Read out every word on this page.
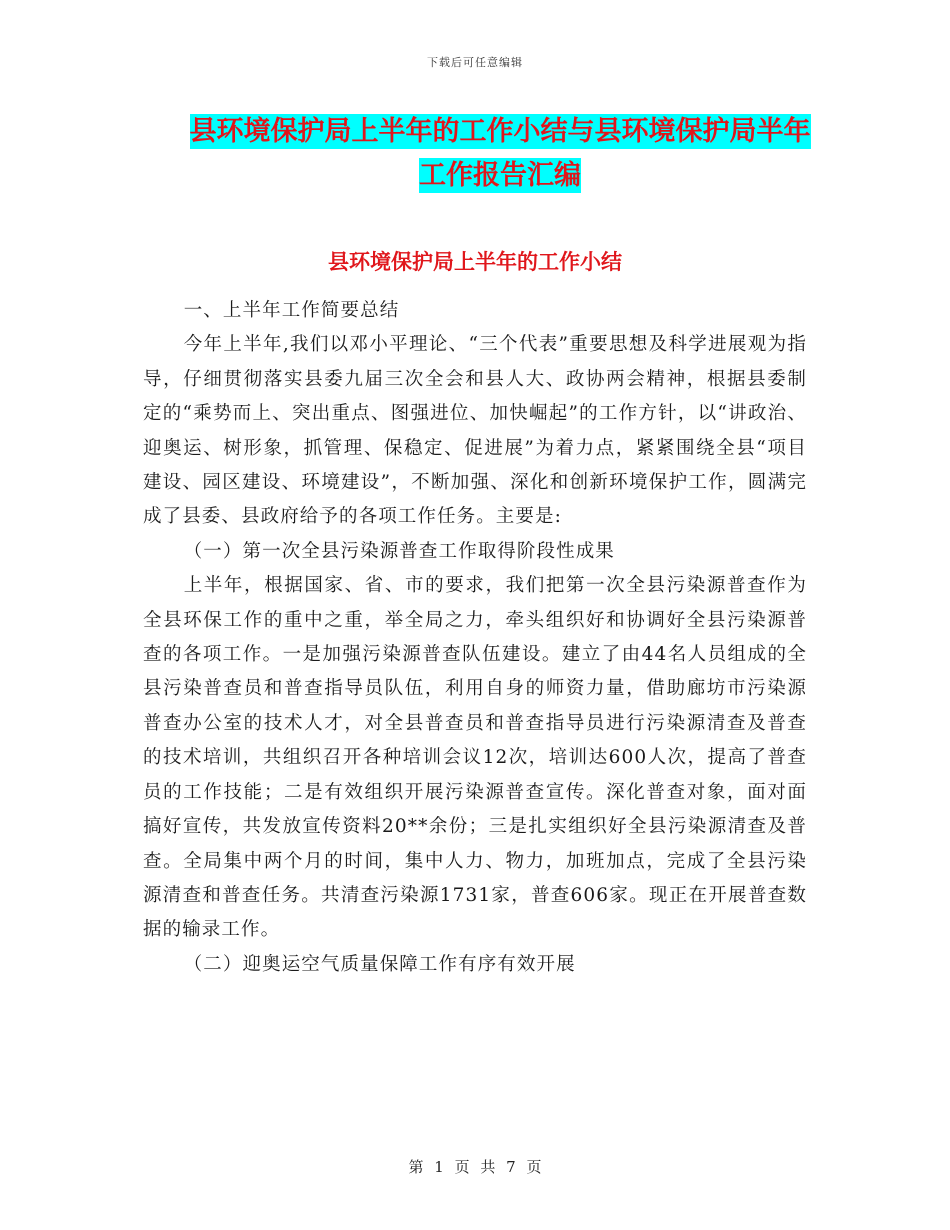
下载后可任意编辑
县环境保护局上半年的工作小结与县环境保护局半年
工作报告汇编
县环境保护局上半年的工作小结

一、上半年工作简要总结

今年上半年,我们以邓小平理论、“三个代表”重要思想及科学进展观为指导，仔细贯彻落实县委九届三次全会和县人大、政协两会精神，根据县委制定的“乘势而上、突出重点、图强进位、加快崛起”的工作方针，以“讲政治、迎奥运、树形象，抓管理、保稳定、促进展”为着力点，紧紧围绕全县“项目建设、园区建设、环境建设”，不断加强、深化和创新环境保护工作，圆满完成了县委、县政府给予的各项工作任务。主要是:

（一）第一次全县污染源普查工作取得阶段性成果

上半年，根据国家、省、市的要求，我们把第一次全县污染源普查作为全县环保工作的重中之重，举全局之力，牵头组织好和协调好全县污染源普查的各项工作。一是加强污染源普查队伍建设。建立了由44名人员组成的全县污染普查员和普查指导员队伍，利用自身的师资力量，借助廊坊市污染源普查办公室的技术人才，对全县普查员和普查指导员进行污染源清查及普查的技术培训，共组织召开各种培训会议12次，培训达600人次，提高了普查员的工作技能；二是有效组织开展污染源普查宣传。深化普查对象，面对面搞好宣传，共发放宣传资料20**余份；三是扎实组织好全县污染源清查及普查。全局集中两个月的时间，集中人力、物力，加班加点，完成了全县污染源清查和普查任务。共清查污染源1731家，普查606家。现正在开展普查数据的输录工作。

（二）迎奥运空气质量保障工作有序有效开展

第 1 页 共 7 页
